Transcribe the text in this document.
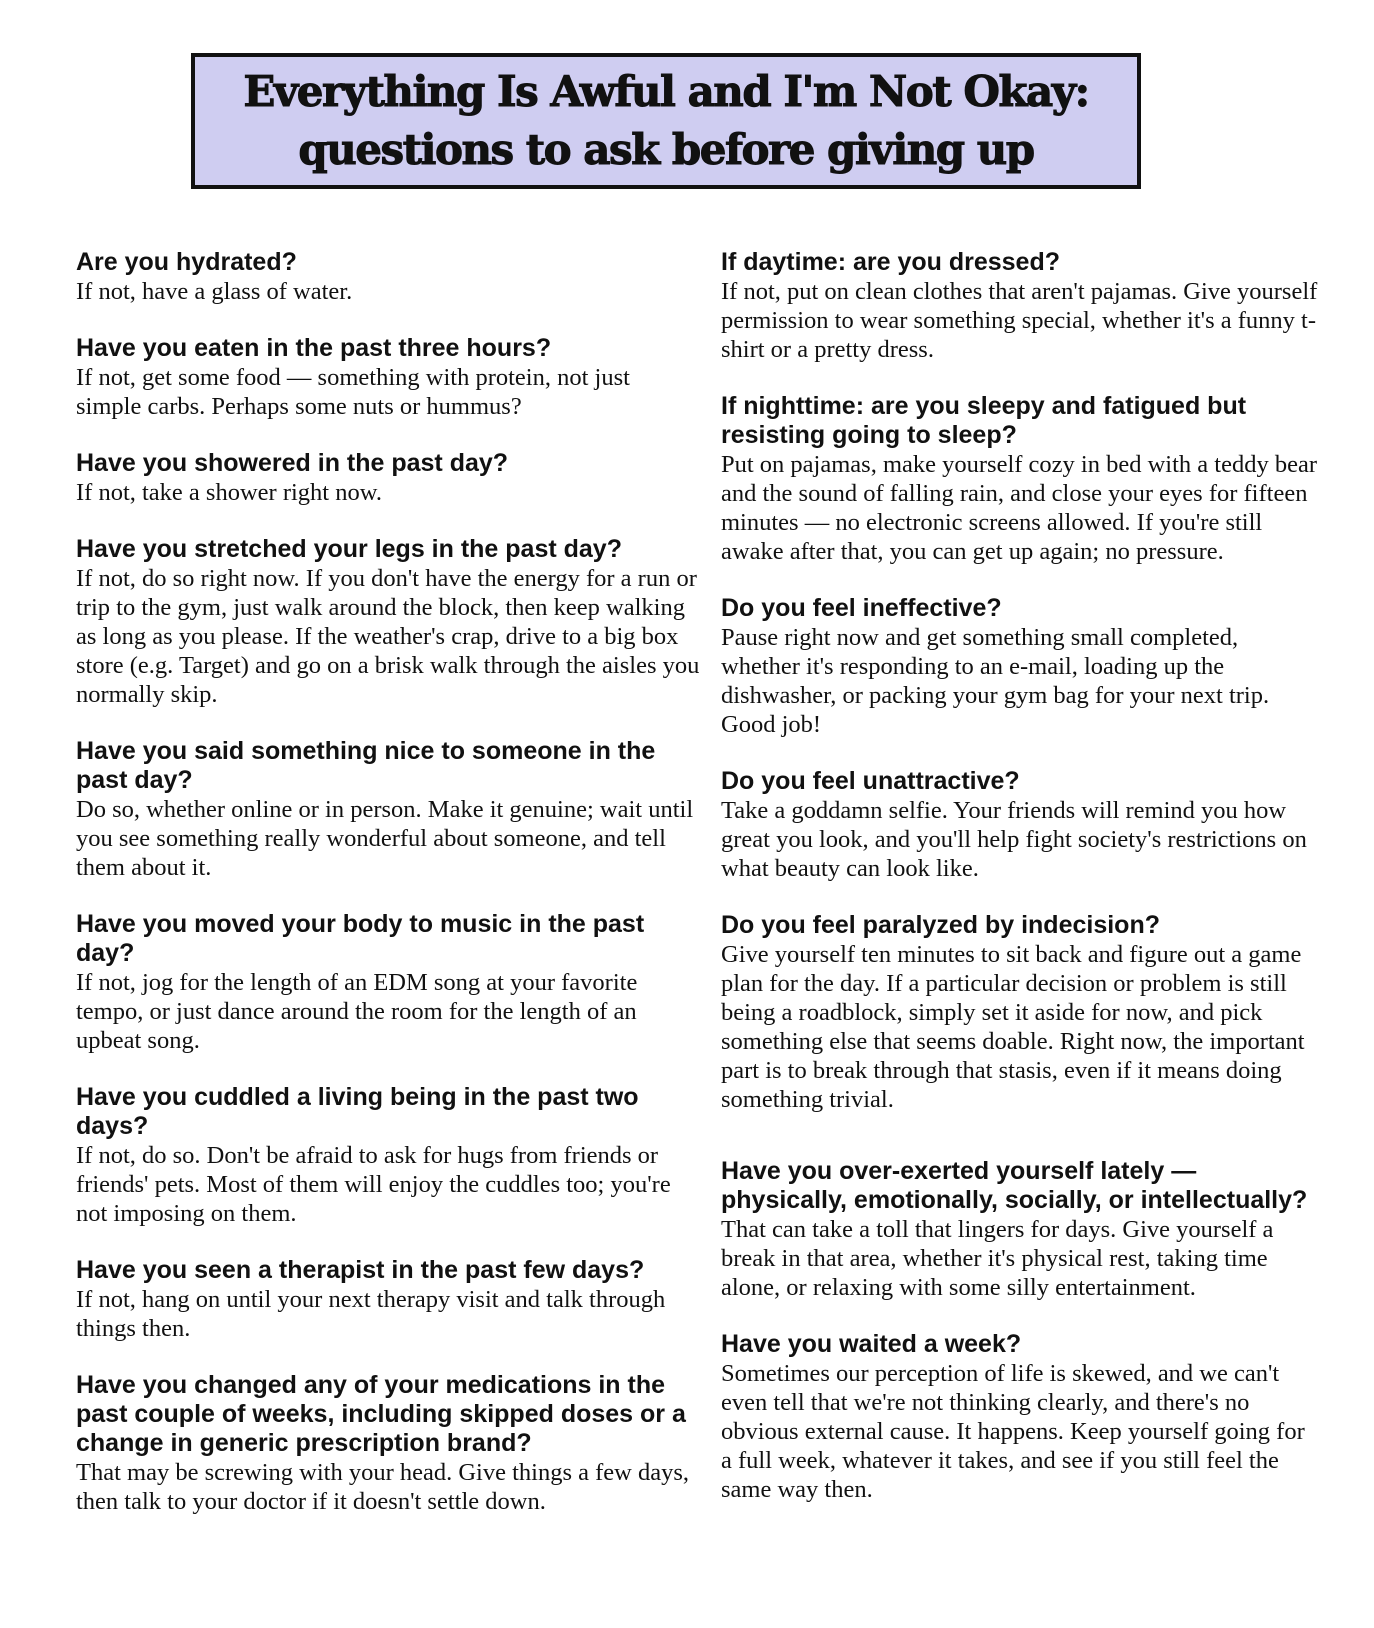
Everything Is Awful and I'm Not Okay:
questions to ask before giving up
Are you hydrated?
If not, have a glass of water.
Have you eaten in the past three hours?
If not, get some food — something with protein, not just simple carbs. Perhaps some nuts or hummus?
Have you showered in the past day?
If not, take a shower right now.
Have you stretched your legs in the past day?
If not, do so right now. If you don't have the energy for a run or trip to the gym, just walk around the block, then keep walking as long as you please. If the weather's crap, drive to a big box store (e.g. Target) and go on a brisk walk through the aisles you normally skip.
Have you said something nice to someone in the past day?
Do so, whether online or in person. Make it genuine; wait until you see something really wonderful about someone, and tell them about it.
Have you moved your body to music in the past day?
If not, jog for the length of an EDM song at your favorite tempo, or just dance around the room for the length of an upbeat song.
Have you cuddled a living being in the past two days?
If not, do so. Don't be afraid to ask for hugs from friends or friends' pets. Most of them will enjoy the cuddles too; you're not imposing on them.
Have you seen a therapist in the past few days?
If not, hang on until your next therapy visit and talk through things then.
Have you changed any of your medications in the past couple of weeks, including skipped doses or a change in generic prescription brand?
That may be screwing with your head. Give things a few days, then talk to your doctor if it doesn't settle down.
If daytime: are you dressed?
If not, put on clean clothes that aren't pajamas. Give yourself permission to wear something special, whether it's a funny t-shirt or a pretty dress.
If nighttime: are you sleepy and fatigued but resisting going to sleep?
Put on pajamas, make yourself cozy in bed with a teddy bear and the sound of falling rain, and close your eyes for fifteen minutes — no electronic screens allowed. If you're still awake after that, you can get up again; no pressure.
Do you feel ineffective?
Pause right now and get something small completed, whether it's responding to an e-mail, loading up the dishwasher, or packing your gym bag for your next trip. Good job!
Do you feel unattractive?
Take a goddamn selfie. Your friends will remind you how great you look, and you'll help fight society's restrictions on what beauty can look like.
Do you feel paralyzed by indecision?
Give yourself ten minutes to sit back and figure out a game plan for the day. If a particular decision or problem is still being a roadblock, simply set it aside for now, and pick something else that seems doable. Right now, the important part is to break through that stasis, even if it means doing something trivial.
Have you over-exerted yourself lately — physically, emotionally, socially, or intellectually?
That can take a toll that lingers for days. Give yourself a break in that area, whether it's physical rest, taking time alone, or relaxing with some silly entertainment.
Have you waited a week?
Sometimes our perception of life is skewed, and we can't even tell that we're not thinking clearly, and there's no obvious external cause. It happens. Keep yourself going for a full week, whatever it takes, and see if you still feel the same way then.
